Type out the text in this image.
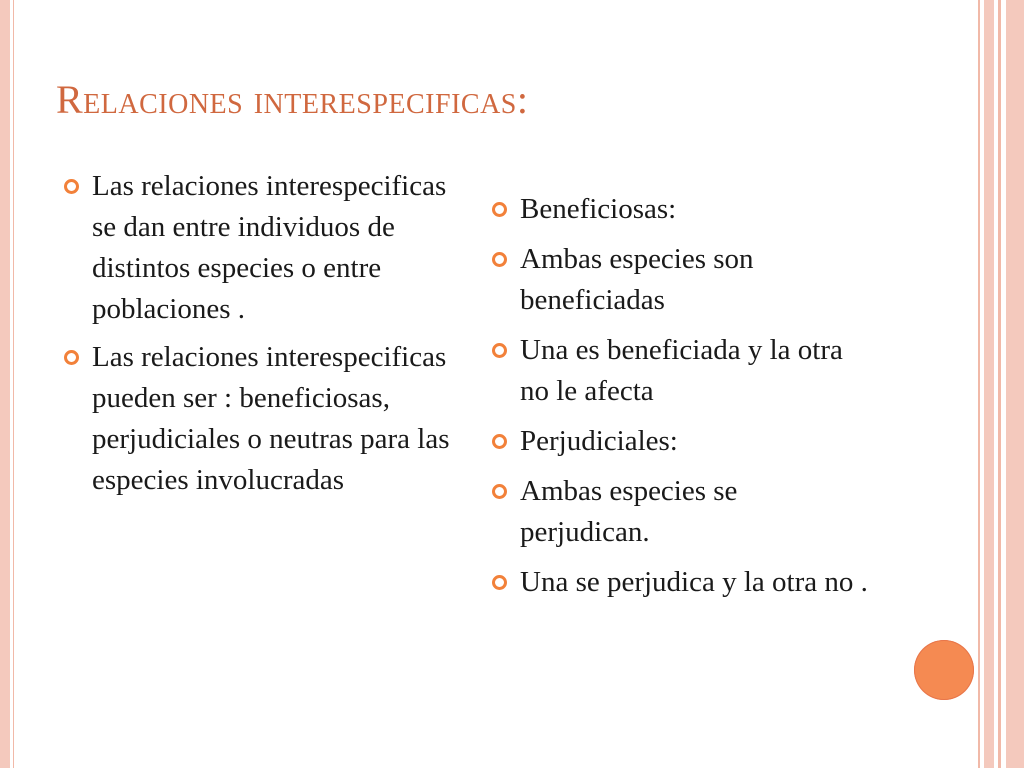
Relaciones interespecificas:
Las relaciones interespecificas se dan entre individuos de distintos especies o entre poblaciones .
Las relaciones interespecificas pueden ser : beneficiosas, perjudiciales o neutras para las especies involucradas
Beneficiosas:
Ambas especies son beneficiadas
Una es beneficiada y la otra no le afecta
Perjudiciales:
Ambas especies se perjudican.
Una se perjudica y la otra no .
